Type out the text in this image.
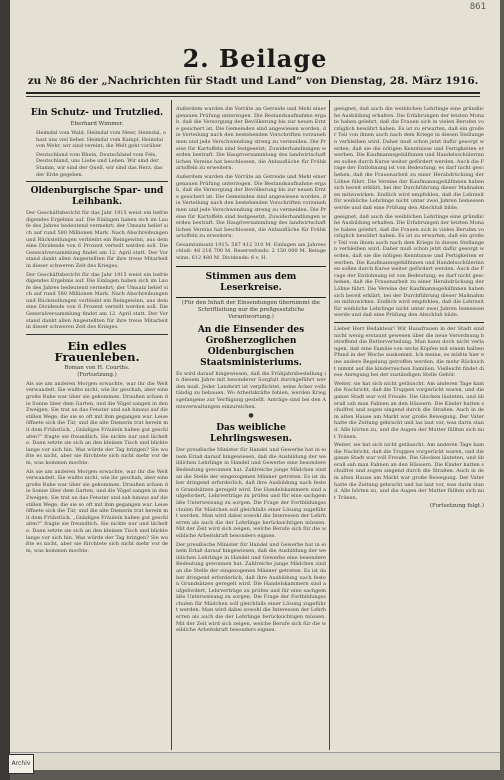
861
2. Beilage
zu № 86 der „Nachrichten für Stadt und Land“ von Dienstag, 28. März 1916.
Ein Schutz- und Trutzlied.
Eberhard Wimmer.
Heimdal vom Wald, Heimdal vom Meer, Heimdal, o hast uns viel lieber. Heimdal vom Kampf, Heimdal von Wehr, wir sind vereint; die Welt geht vorüber.
Deutschland vom Rhein, Deutschland vom Fels, Deutschland, uns Liebe und Leben. Wir sind der Stamm, wir sind der Quell, wir sind das Herz, das der Erde gegeben.
Oldenburgische Spar- und Leihbank.
Der Geschäftsbericht für das Jahr 1915 weist ein befriedigendes Ergebnis auf. Die Einlagen haben sich im Laufe des Jahres bedeutend vermehrt; der Umsatz belief sich auf rund 580 Millionen Mark. Nach Abschreibungen und Rückstellungen verbleibt ein Reingewinn, aus dem eine Dividende von 6 Prozent verteilt werden soll. Die Generalversammlung findet am 12. April statt. Der Vorstand dankt allen Angestellten für ihre treue Mitarbeit in dieser schweren Zeit des Krieges.
Der Geschäftsbericht für das Jahr 1915 weist ein befriedigendes Ergebnis auf. Die Einlagen haben sich im Laufe des Jahres bedeutend vermehrt; der Umsatz belief sich auf rund 580 Millionen Mark. Nach Abschreibungen und Rückstellungen verbleibt ein Reingewinn, aus dem eine Dividende von 6 Prozent verteilt werden soll. Die Generalversammlung findet am 12. April statt. Der Vorstand dankt allen Angestellten für ihre treue Mitarbeit in dieser schweren Zeit des Krieges.
Ein edles Frauenleben.
Roman von H. Courths.
(Fortsetzung.)
Als sie am anderen Morgen erwachte, war ihr die Welt verwandelt. Sie wußte nicht, wie ihr geschah, aber eine große Ruhe war über sie gekommen. Draußen schien die Sonne über dem Garten, und die Vögel sangen in den Zweigen. Sie trat an das Fenster und sah hinaus auf die stillen Wege, die sie so oft mit ihm gegangen war. Leise öffnete sich die Tür, und die alte Dienerin trat herein mit dem Frühstück. „Gnädiges Fräulein haben gut geschlafen?“ fragte sie freundlich. Sie nickte nur und lächelte. Dann setzte sie sich an den kleinen Tisch und blickte lange vor sich hin. Was würde der Tag bringen? Sie wußte es nicht, aber sie fürchtete sich nicht mehr vor dem, was kommen mochte.
Als sie am anderen Morgen erwachte, war ihr die Welt verwandelt. Sie wußte nicht, wie ihr geschah, aber eine große Ruhe war über sie gekommen. Draußen schien die Sonne über dem Garten, und die Vögel sangen in den Zweigen. Sie trat an das Fenster und sah hinaus auf die stillen Wege, die sie so oft mit ihm gegangen war. Leise öffnete sich die Tür, und die alte Dienerin trat herein mit dem Frühstück. „Gnädiges Fräulein haben gut geschlafen?“ fragte sie freundlich. Sie nickte nur und lächelte. Dann setzte sie sich an den kleinen Tisch und blickte lange vor sich hin. Was würde der Tag bringen? Sie wußte es nicht, aber sie fürchtete sich nicht mehr vor dem, was kommen mochte.
Außerdem wurden die Vorräte an Getreide und Mehl einer genauen Prüfung unterzogen. Die Bestandsaufnahme ergab, daß die Versorgung der Bevölkerung bis zur neuen Ernte gesichert ist. Die Gemeinden sind angewiesen worden, die Verteilung nach den bestehenden Vorschriften vorzunehmen und jede Verschwendung streng zu vermeiden. Die Preise für Kartoffeln sind festgesetzt; Zuwiderhandlungen werden bestraft. Die Hauptversammlung des landwirtschaftlichen Vereins hat beschlossen, die Anbaufläche für Frühkartoffeln zu erweitern.
Außerdem wurden die Vorräte an Getreide und Mehl einer genauen Prüfung unterzogen. Die Bestandsaufnahme ergab, daß die Versorgung der Bevölkerung bis zur neuen Ernte gesichert ist. Die Gemeinden sind angewiesen worden, die Verteilung nach den bestehenden Vorschriften vorzunehmen und jede Verschwendung streng zu vermeiden. Die Preise für Kartoffeln sind festgesetzt; Zuwiderhandlungen werden bestraft. Die Hauptversammlung des landwirtschaftlichen Vereins hat beschlossen, die Anbaufläche für Frühkartoffeln zu erweitern.
Gesamtumsatz 1915: 587 412 310 M. Einlagen am Jahresschluß: 48 216 700 M. Reservefonds: 2 150 000 M. Reingewinn: 612 480 M. Dividende: 6 v. H.
Stimmen aus dem Leserkreise.
(Für den Inhalt der Einsendungen übernimmt die Schriftleitung nur die preßgesetzliche Verantwortung.)
An die Einsender des Großherzoglichen Oldenburgischen Staatsministeriums.
Es wird darauf hingewiesen, daß die Frühjahrsbestellung in diesem Jahre mit besonderer Sorgfalt durchgeführt werden muß. Jeder Landwirt ist verpflichtet, seine Äcker vollständig zu bebauen. Wo Arbeitskräfte fehlen, werden Kriegsgefangene zur Verfügung gestellt. Anträge sind bei den Amtsverwaltungen einzureichen.
●
Das weibliche Lehrlingswesen.
Der preußische Minister für Handel und Gewerbe hat in einem Erlaß darauf hingewiesen, daß die Ausbildung der weiblichen Lehrlinge in Handel und Gewerbe eine besondere Bedeutung gewonnen hat. Zahlreiche junge Mädchen sind an die Stelle der eingezogenen Männer getreten. Es ist daher dringend erforderlich, daß ihre Ausbildung nach festen Grundsätzen geregelt wird. Die Handelskammern sind aufgefordert, Lehrverträge zu prüfen und für eine sachgemäße Unterweisung zu sorgen. Die Frage der Fortbildungsschulen für Mädchen soll gleichfalls einer Lösung zugeführt werden. Man wird dabei sowohl die Interessen der Lehrherren als auch die der Lehrlinge berücksichtigen müssen. Mit der Zeit wird sich zeigen, welche Berufe sich für die weibliche Arbeitskraft besonders eignen.
Der preußische Minister für Handel und Gewerbe hat in einem Erlaß darauf hingewiesen, daß die Ausbildung der weiblichen Lehrlinge in Handel und Gewerbe eine besondere Bedeutung gewonnen hat. Zahlreiche junge Mädchen sind an die Stelle der eingezogenen Männer getreten. Es ist daher dringend erforderlich, daß ihre Ausbildung nach festen Grundsätzen geregelt wird. Die Handelskammern sind aufgefordert, Lehrverträge zu prüfen und für eine sachgemäße Unterweisung zu sorgen. Die Frage der Fortbildungsschulen für Mädchen soll gleichfalls einer Lösung zugeführt werden. Man wird dabei sowohl die Interessen der Lehrherren als auch die der Lehrlinge berücksichtigen müssen. Mit der Zeit wird sich zeigen, welche Berufe sich für die weibliche Arbeitskraft besonders eignen.
geeignet, daß auch die weiblichen Lehrlinge eine gründliche Ausbildung erhalten. Die Erfahrungen der letzten Monate haben gelehrt, daß die Frauen sich in vielen Berufen vorzüglich bewährt haben. Es ist zu erwarten, daß ein großer Teil von ihnen auch nach dem Kriege in diesen Stellungen verbleiben wird. Daher muß schon jetzt dafür gesorgt werden, daß sie die nötigen Kenntnisse und Fertigkeiten erwerben. Die Kaufmannsgehilfinnen und Handelsschülerinnen sollen durch Kurse weiter gefördert werden. Auch die Frage der Entlohnung ist von Bedeutung; es darf nicht geschehen, daß die Frauenarbeit zu einer Herabdrückung der Löhne führt. Die Vereine der Kaufmannsgehilfinnen haben sich bereit erklärt, bei der Durchführung dieser Maßnahmen mitzuwirken. Endlich wird empfohlen, daß die Lehrzeit für weibliche Lehrlinge nicht unter zwei Jahren bemessen werde und daß eine Prüfung den Abschluß bilde.
geeignet, daß auch die weiblichen Lehrlinge eine gründliche Ausbildung erhalten. Die Erfahrungen der letzten Monate haben gelehrt, daß die Frauen sich in vielen Berufen vorzüglich bewährt haben. Es ist zu erwarten, daß ein großer Teil von ihnen auch nach dem Kriege in diesen Stellungen verbleiben wird. Daher muß schon jetzt dafür gesorgt werden, daß sie die nötigen Kenntnisse und Fertigkeiten erwerben. Die Kaufmannsgehilfinnen und Handelsschülerinnen sollen durch Kurse weiter gefördert werden. Auch die Frage der Entlohnung ist von Bedeutung; es darf nicht geschehen, daß die Frauenarbeit zu einer Herabdrückung der Löhne führt. Die Vereine der Kaufmannsgehilfinnen haben sich bereit erklärt, bei der Durchführung dieser Maßnahmen mitzuwirken. Endlich wird empfohlen, daß die Lehrzeit für weibliche Lehrlinge nicht unter zwei Jahren bemessen werde und daß eine Prüfung den Abschluß bilde.
Lieber Herr Redakteur! Wir Hausfrauen in der Stadt sind nicht wenig erstaunt gewesen über die neue Verordnung betreffend die Butterverteilung. Man kann doch nicht verlangen, daß eine Familie von sechs Köpfen mit einem halben Pfund in der Woche auskommt. Ich meine, es müßte hier eine andere Regelung getroffen werden, die mehr Rücksicht nimmt auf die kinderreichen Familien. Vielleicht findet diese Anregung bei der zuständigen Stelle Gehör.
Weiter, sie hat sich nicht getäuscht. Am anderen Tage kam die Nachricht, daß die Truppen vorgerückt waren, und die ganze Stadt war voll Freude. Die Glocken läuteten, und überall sah man Fahnen an den Häusern. Die Kinder hatten schulfrei und zogen singend durch die Straßen. Auch in dem alten Hause am Markt war große Bewegung. Der Vater hatte die Zeitung gebracht und las laut vor, was darin stand. Alle hörten zu, und die Augen der Mutter füllten sich mit Tränen.
Weiter, sie hat sich nicht getäuscht. Am anderen Tage kam die Nachricht, daß die Truppen vorgerückt waren, und die ganze Stadt war voll Freude. Die Glocken läuteten, und überall sah man Fahnen an den Häusern. Die Kinder hatten schulfrei und zogen singend durch die Straßen. Auch in dem alten Hause am Markt war große Bewegung. Der Vater hatte die Zeitung gebracht und las laut vor, was darin stand. Alle hörten zu, und die Augen der Mutter füllten sich mit Tränen.
(Fortsetzung folgt.)
Archiv
